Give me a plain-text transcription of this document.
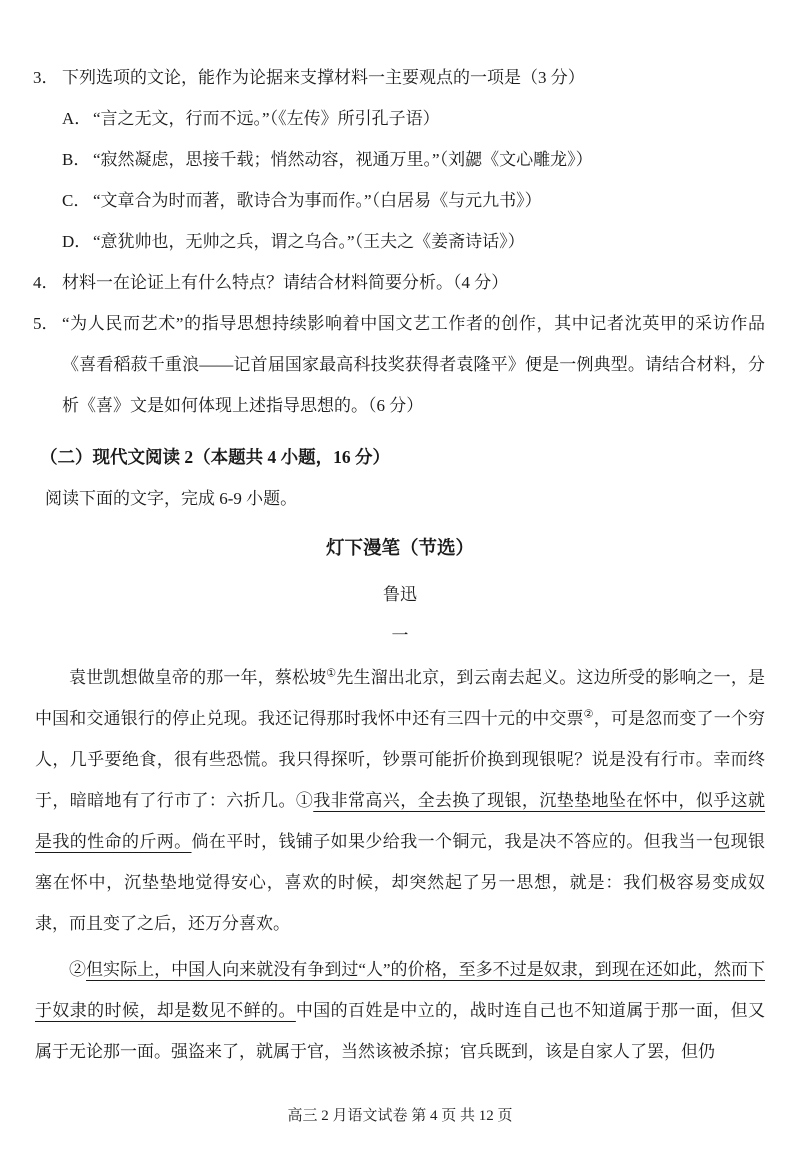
3． 下列选项的文论，能作为论据来支撑材料一主要观点的一项是（3 分）
A． “言之无文，行而不远。”（《左传》所引孔子语）
B． “寂然凝虑，思接千载；悄然动容，视通万里。”（刘勰《文心雕龙》）
C． “文章合为时而著，歌诗合为事而作。”（白居易《与元九书》）
D． “意犹帅也，无帅之兵，谓之乌合。”（王夫之《姜斋诗话》）
4． 材料一在论证上有什么特点？请结合材料简要分析。（4 分）
5． “为人民而艺术”的指导思想持续影响着中国文艺工作者的创作，其中记者沈英甲的采访作品《喜看稻菽千重浪——记首届国家最高科技奖获得者袁隆平》便是一例典型。请结合材料，分析《喜》文是如何体现上述指导思想的。（6 分）
（二）现代文阅读 2（本题共 4 小题，16 分）
阅读下面的文字，完成 6-9 小题。
灯下漫笔（节选）
鲁迅
一

袁世凯想做皇帝的那一年，蔡松坡①先生溜出北京，到云南去起义。这边所受的影响之一，是中国和交通银行的停止兑现。我还记得那时我怀中还有三四十元的中交票②，可是忽而变了一个穷人，几乎要绝食，很有些恐慌。我只得探听，钞票可能折价换到现银呢？说是没有行市。幸而终于，暗暗地有了行市了：六折几。①我非常高兴，全去换了现银，沉垫垫地坠在怀中，似乎这就是我的性命的斤两。倘在平时，钱铺子如果少给我一个铜元，我是决不答应的。但我当一包现银塞在怀中，沉垫垫地觉得安心，喜欢的时候，却突然起了另一思想，就是：我们极容易变成奴隶，而且变了之后，还万分喜欢。

②但实际上，中国人向来就没有争到过“人”的价格，至多不过是奴隶，到现在还如此，然而下于奴隶的时候，却是数见不鲜的。中国的百姓是中立的，战时连自己也不知道属于那一面，但又属于无论那一面。强盗来了，就属于官，当然该被杀掠；官兵既到，该是自家人了罢，但仍

高三 2 月语文试卷 第 4 页 共 12 页
